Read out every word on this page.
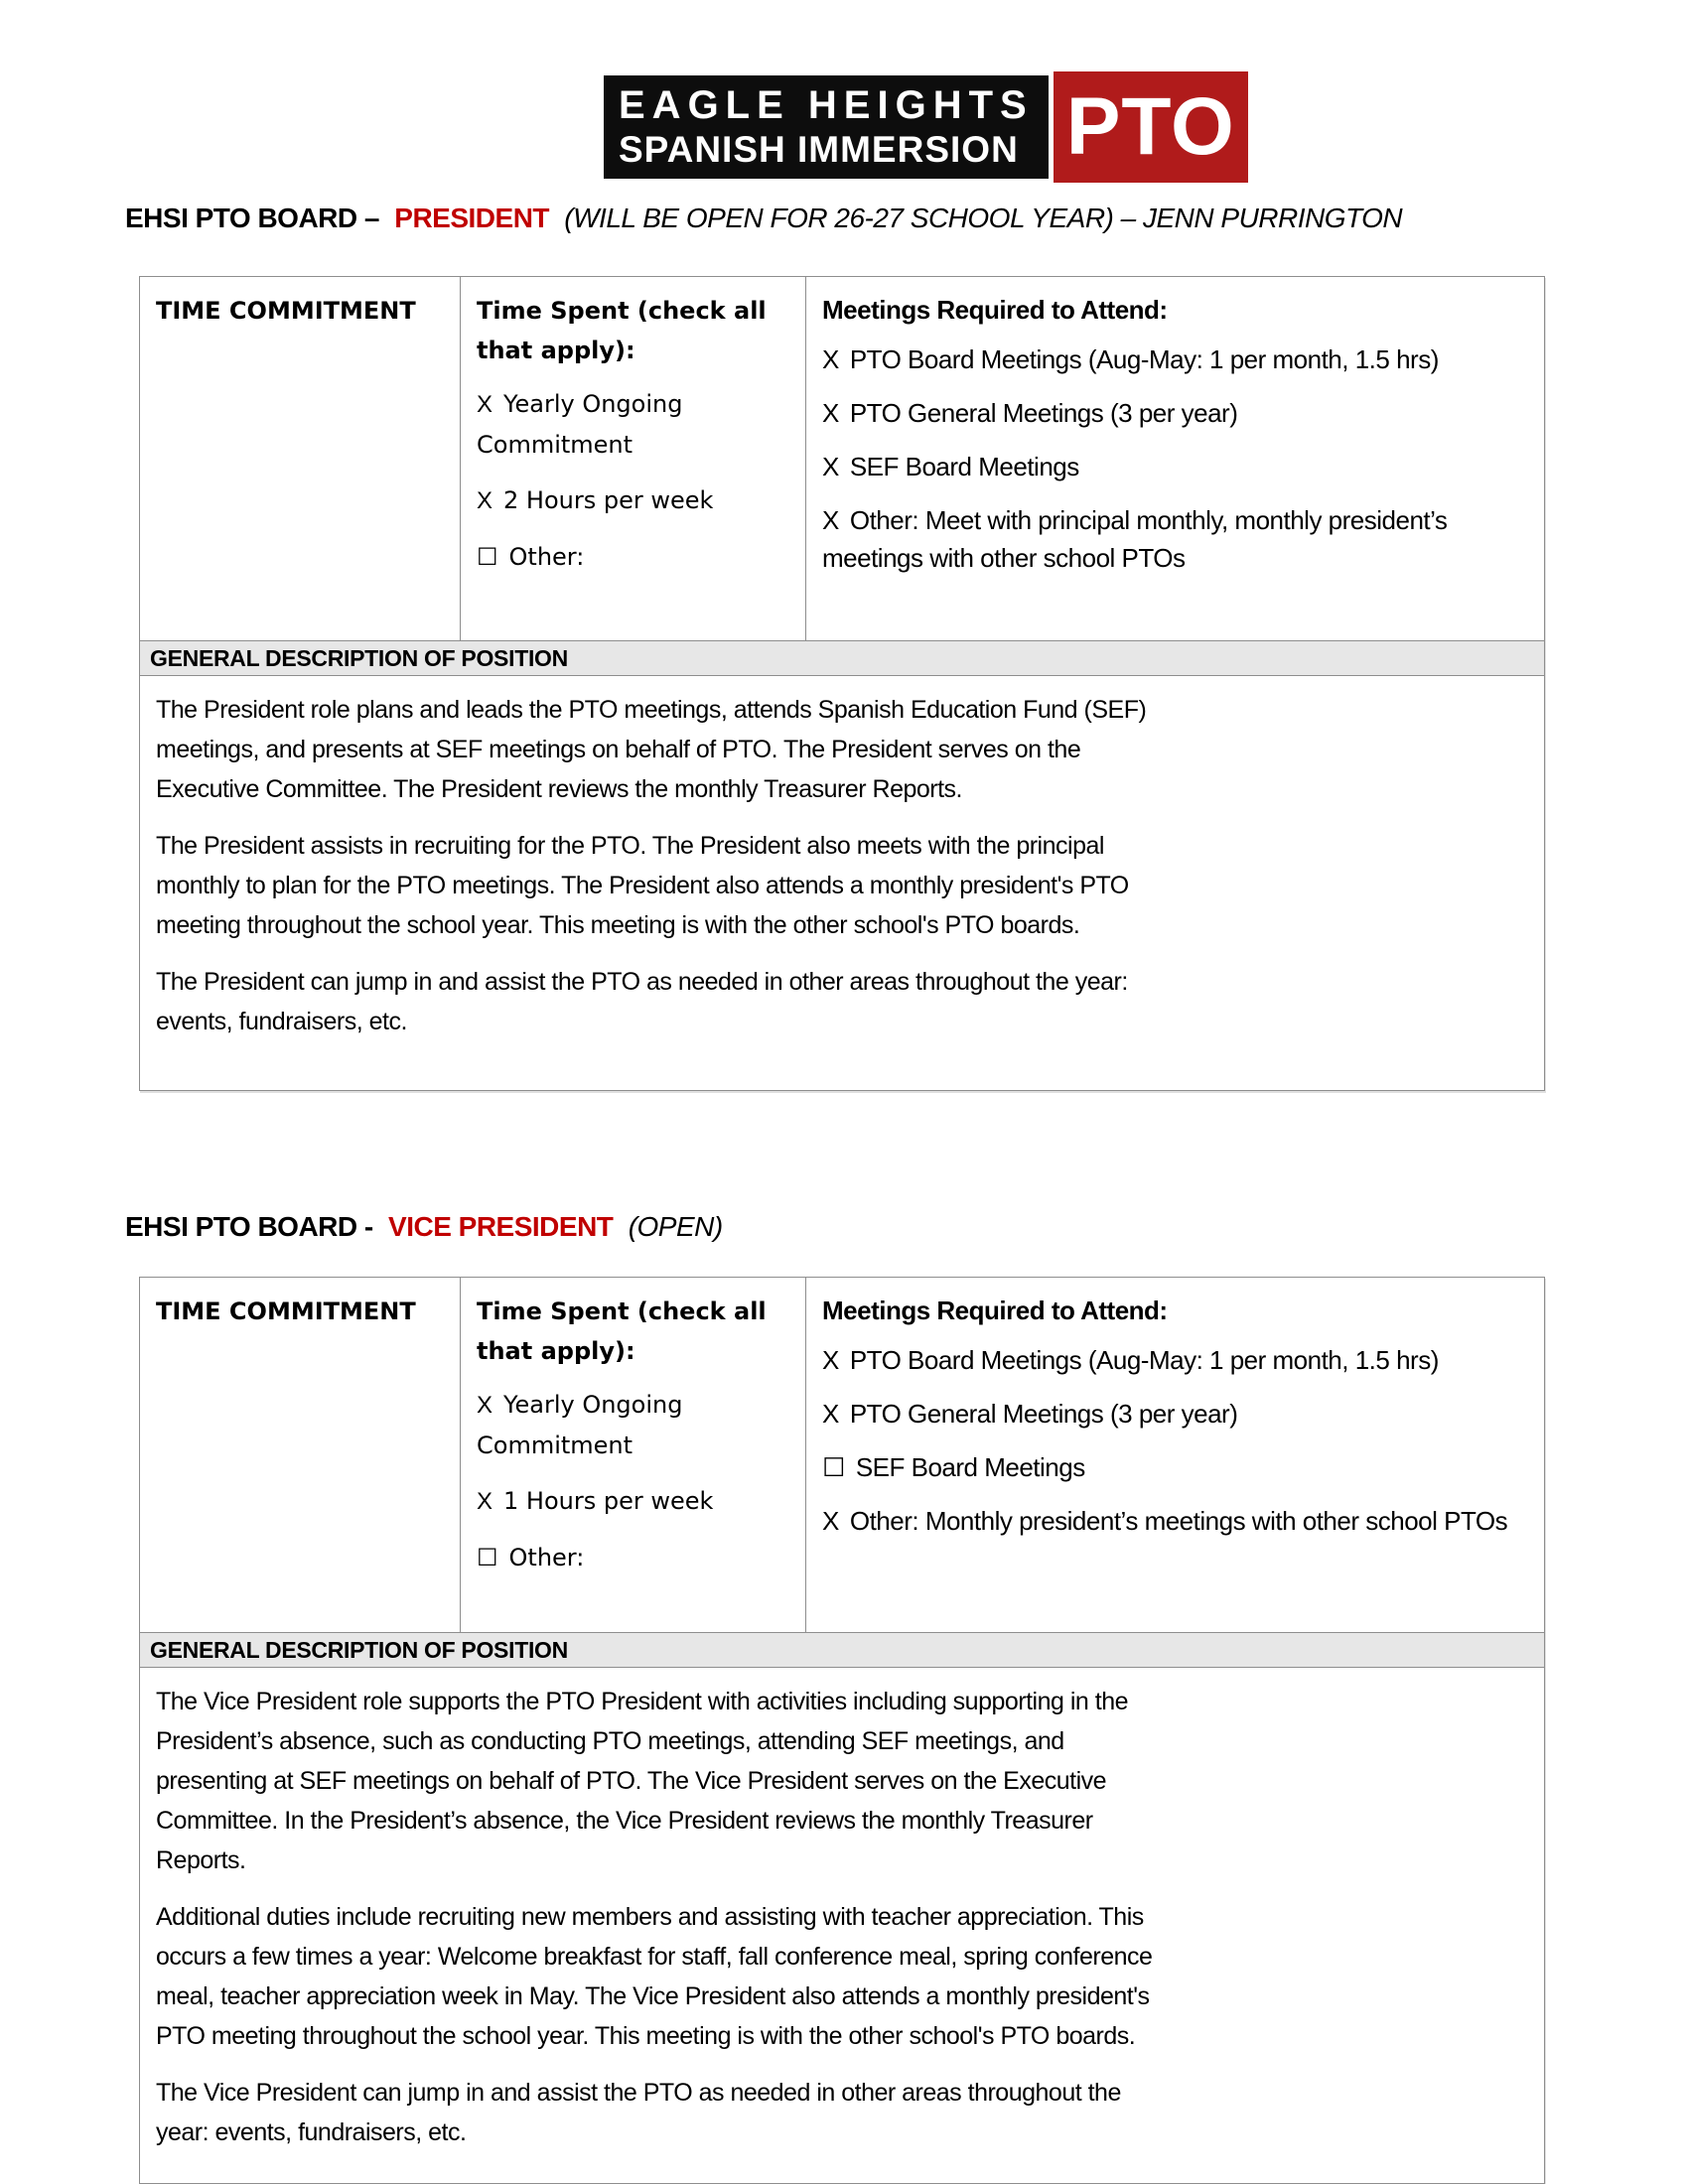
EAGLE HEIGHTS
SPANISH IMMERSION PTO
EHSI PTO BOARD – PRESIDENT (WILL BE OPEN FOR 26-27 SCHOOL YEAR) – JENN PURRINGTON
TIME COMMITMENT	Time Spent (check all that apply):

X Yearly Ongoing Commitment

X 2 Hours per week

☐ Other:

Meetings Required to Attend:

X PTO Board Meetings (Aug-May: 1 per month, 1.5 hrs)

X PTO General Meetings (3 per year)

X SEF Board Meetings

X Other: Meet with principal monthly, monthly president’s meetings with other school PTOs

GENERAL DESCRIPTION OF POSITION

The President role plans and leads the PTO meetings, attends Spanish Education Fund (SEF) meetings, and presents at SEF meetings on behalf of PTO. The President serves on the Executive Committee. The President reviews the monthly Treasurer Reports.

The President assists in recruiting for the PTO. The President also meets with the principal monthly to plan for the PTO meetings. The President also attends a monthly president's PTO meeting throughout the school year. This meeting is with the other school's PTO boards.

The President can jump in and assist the PTO as needed in other areas throughout the year: events, fundraisers, etc.

EHSI PTO BOARD - VICE PRESIDENT (OPEN)
TIME COMMITMENT	Time Spent (check all that apply):

X Yearly Ongoing Commitment

X 1 Hours per week

☐ Other:

Meetings Required to Attend:

X PTO Board Meetings (Aug-May: 1 per month, 1.5 hrs)

X PTO General Meetings (3 per year)

☐ SEF Board Meetings

X Other: Monthly president’s meetings with other school PTOs

GENERAL DESCRIPTION OF POSITION

The Vice President role supports the PTO President with activities including supporting in the President’s absence, such as conducting PTO meetings, attending SEF meetings, and presenting at SEF meetings on behalf of PTO. The Vice President serves on the Executive Committee. In the President’s absence, the Vice President reviews the monthly Treasurer Reports.

Additional duties include recruiting new members and assisting with teacher appreciation. This occurs a few times a year: Welcome breakfast for staff, fall conference meal, spring conference meal, teacher appreciation week in May. The Vice President also attends a monthly president's PTO meeting throughout the school year. This meeting is with the other school's PTO boards.

The Vice President can jump in and assist the PTO as needed in other areas throughout the year: events, fundraisers, etc.
